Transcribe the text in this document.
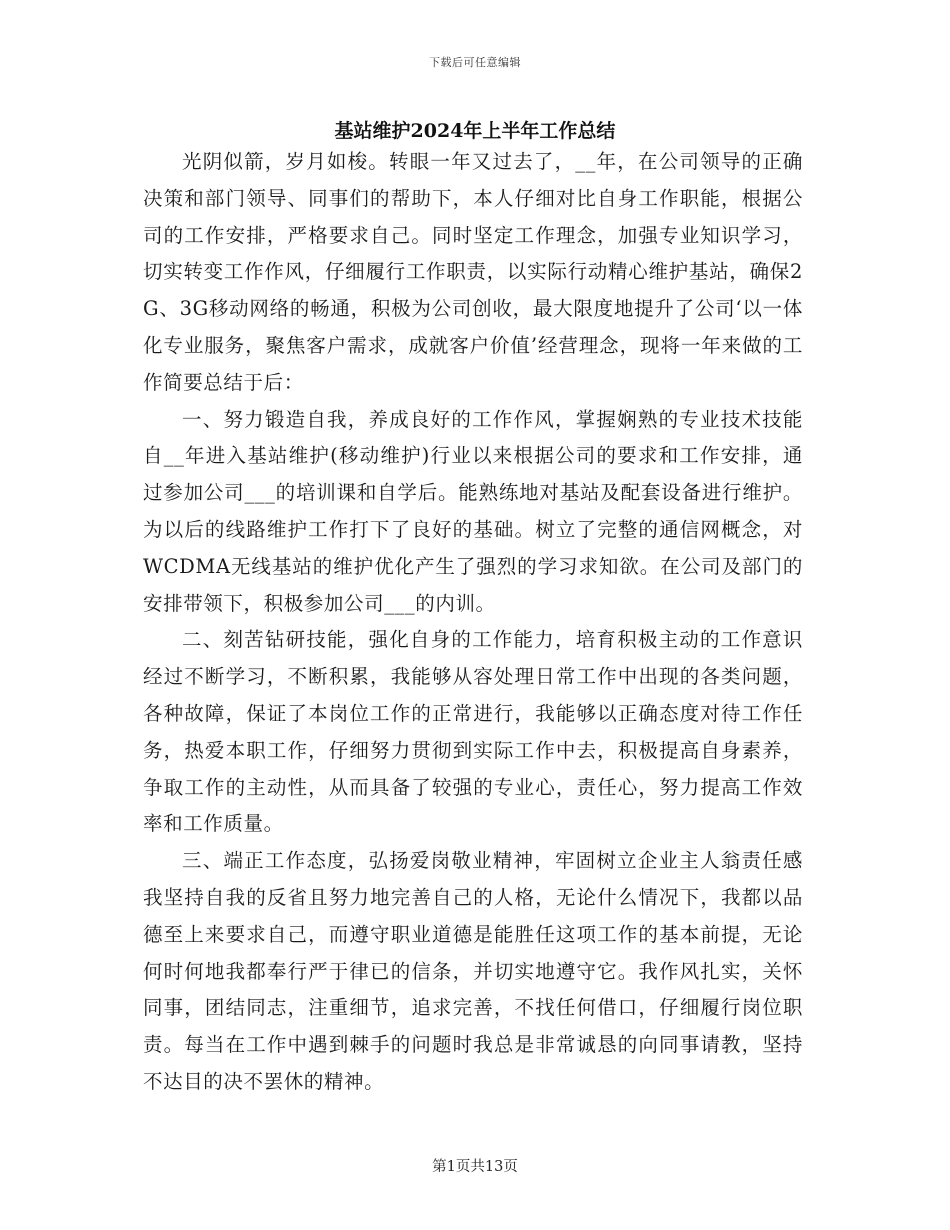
下载后可任意编辑
基站维护2024年上半年工作总结

光阴似箭，岁月如梭。转眼一年又过去了，__年，在公司领导的正确决策和部门领导、同事们的帮助下，本人仔细对比自身工作职能，根据公司的工作安排，严格要求自己。同时坚定工作理念，加强专业知识学习，切实转变工作作风，仔细履行工作职责，以实际行动精心维护基站，确保2G、3G移动网络的畅通，积极为公司创收，最大限度地提升了公司‘以一体化专业服务，聚焦客户需求，成就客户价值’经营理念，现将一年来做的工作简要总结于后：

一、努力锻造自我，养成良好的工作作风，掌握娴熟的专业技术技能自__年进入基站维护(移动维护)行业以来根据公司的要求和工作安排，通过参加公司___的培训课和自学后。能熟练地对基站及配套设备进行维护。为以后的线路维护工作打下了良好的基础。树立了完整的通信网概念，对WCDMA无线基站的维护优化产生了强烈的学习求知欲。在公司及部门的安排带领下，积极参加公司___的内训。

二、刻苦钻研技能，强化自身的工作能力，培育积极主动的工作意识经过不断学习，不断积累，我能够从容处理日常工作中出现的各类问题，各种故障，保证了本岗位工作的正常进行，我能够以正确态度对待工作任务，热爱本职工作，仔细努力贯彻到实际工作中去，积极提高自身素养，争取工作的主动性，从而具备了较强的专业心，责任心，努力提高工作效率和工作质量。

三、端正工作态度，弘扬爱岗敬业精神，牢固树立企业主人翁责任感我坚持自我的反省且努力地完善自己的人格，无论什么情况下，我都以品德至上来要求自己，而遵守职业道德是能胜任这项工作的基本前提，无论何时何地我都奉行严于律已的信条，并切实地遵守它。我作风扎实，关怀同事，团结同志，注重细节，追求完善，不找任何借口，仔细履行岗位职责。每当在工作中遇到棘手的问题时我总是非常诚恳的向同事请教，坚持不达目的决不罢休的精神。

第1页共13页
